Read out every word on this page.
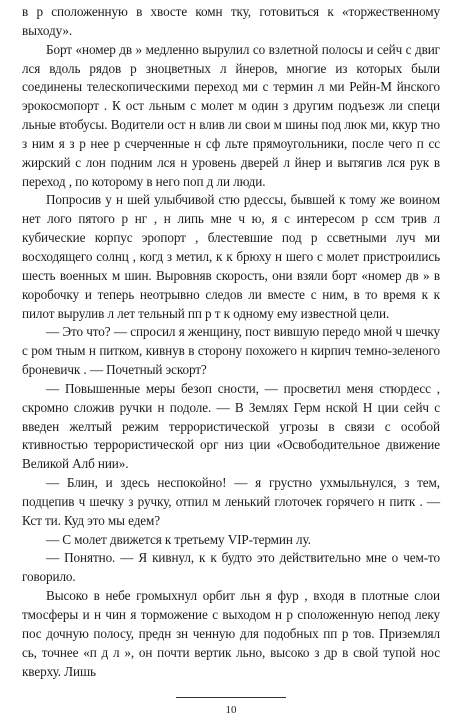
в р сположенную в хвосте комн тку, готовиться к «торжественному выходу».

Борт «номер дв » медленно вырулил со взлетной полосы и сейч с двиг лся вдоль рядов р зноцветных л йнеров, многие из которых были соединены телескопическими переход ми с термин л ми Рейн-М йнского эрокосмопорт . К ост льным с молет м один з другим подъезж ли специ льные втобусы. Водители ост н влив ли свои м шины под люк ми, ккур тно з ним я з р нее р счерченные н сф льте прямоугольники, после чего п сс жирский с лон подним лся н уровень дверей л йнер и вытягив лся рук в переход , по которому в него поп д ли люди.

Попросив у н шей улыбчивой стю рдессы, бывшей к тому же воином нет лого пятого р нг , н липь мне ч ю, я с интересом р ссм трив л кубические корпус эропорт , блестевшие под р ссветными луч ми восходящего солнц , когд з метил, к к брюху н шего с молет пристроились шесть военных м шин. Выровняв скорость, они взяли борт «номер дв » в коробочку и теперь неотрывно следов ли вместе с ним, в то время к к пилот вырулив л лет тельный пп р т к одному ему известной цели.

— Это что? — спросил я женщину, пост вившую передо мной ч шечку с ром тным н питком, кивнув в сторону похожего н кирпич темно-зеленого броневичк . — Почетный эскорт?

— Повышенные меры безоп сности, — просветил меня стюрдесс , скромно сложив ручки н подоле. — В Землях Герм нской Н ции сейч с введен желтый режим террористической угрозы в связи с особой ктивностью террористической орг низ ции «Освободительное движение Великой Алб нии».

— Блин, и здесь неспокойно! — я грустно ухмыльнулся, з тем, подцепив ч шечку з ручку, отпил м ленький глоточек горячего н питк . — Кст ти. Куд это мы едем?

— С молет движется к третьему VIP-термин лу.

— Понятно. — Я кивнул, к к будто это действительно мне о чем-то говорило.

Высоко в небе громыхнул орбит льн я фур , входя в плотные слои тмосферы и н чин я торможение с выходом н р сположенную непод леку пос дочную полосу, предн зн ченную для подобных пп р тов. Приземлял сь, точнее «п д л », он почти вертик льно, высоко з др в свой тупой нос кверху. Лишь

10
